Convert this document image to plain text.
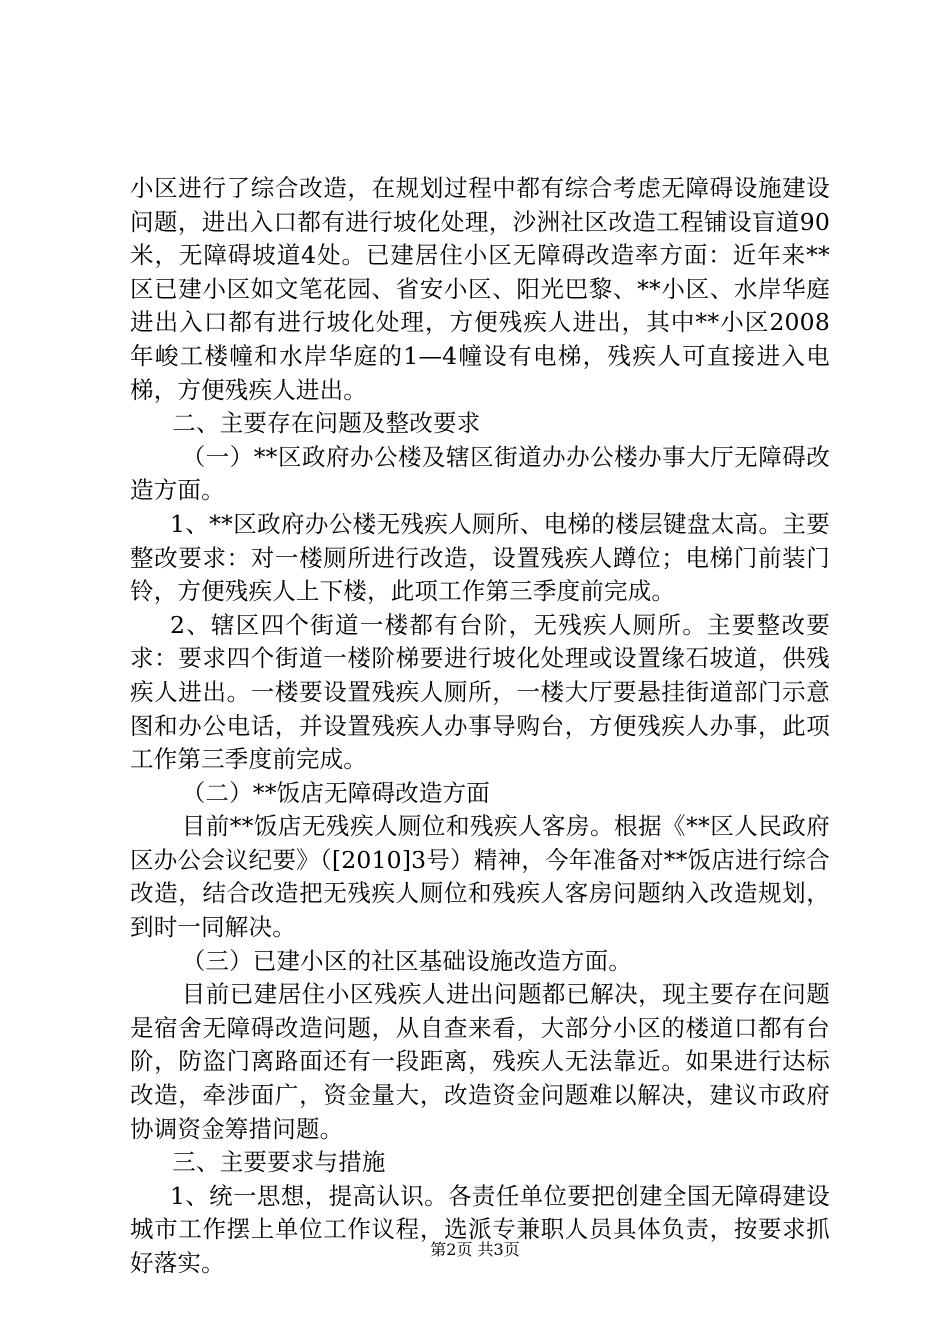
小区进行了综合改造，在规划过程中都有综合考虑无障碍设施建设问题，进出入口都有进行坡化处理，沙洲社区改造工程铺设盲道90米，无障碍坡道4处。已建居住小区无障碍改造率方面：近年来**区已建小区如文笔花园、省安小区、阳光巴黎、**小区、水岸华庭进出入口都有进行坡化处理，方便残疾人进出，其中**小区2008年峻工楼幢和水岸华庭的1—4幢设有电梯，残疾人可直接进入电梯，方便残疾人进出。

二、主要存在问题及整改要求

（一）**区政府办公楼及辖区街道办办公楼办事大厅无障碍改造方面。

1、**区政府办公楼无残疾人厕所、电梯的楼层键盘太高。主要整改要求：对一楼厕所进行改造，设置残疾人蹲位；电梯门前装门铃，方便残疾人上下楼，此项工作第三季度前完成。

2、辖区四个街道一楼都有台阶，无残疾人厕所。主要整改要求：要求四个街道一楼阶梯要进行坡化处理或设置缘石坡道，供残疾人进出。一楼要设置残疾人厕所，一楼大厅要悬挂街道部门示意图和办公电话，并设置残疾人办事导购台，方便残疾人办事，此项工作第三季度前完成。

（二）**饭店无障碍改造方面

目前**饭店无残疾人厕位和残疾人客房。根据《**区人民政府区办公会议纪要》（[2010]3号）精神，今年准备对**饭店进行综合改造，结合改造把无残疾人厕位和残疾人客房问题纳入改造规划，到时一同解决。

（三）已建小区的社区基础设施改造方面。

目前已建居住小区残疾人进出问题都已解决，现主要存在问题是宿舍无障碍改造问题，从自查来看，大部分小区的楼道口都有台阶，防盗门离路面还有一段距离，残疾人无法靠近。如果进行达标改造，牵涉面广，资金量大，改造资金问题难以解决，建议市政府协调资金筹措问题。

三、主要要求与措施

1、统一思想，提高认识。各责任单位要把创建全国无障碍建设城市工作摆上单位工作议程，选派专兼职人员具体负责，按要求抓好落实。	第2页 共3页
